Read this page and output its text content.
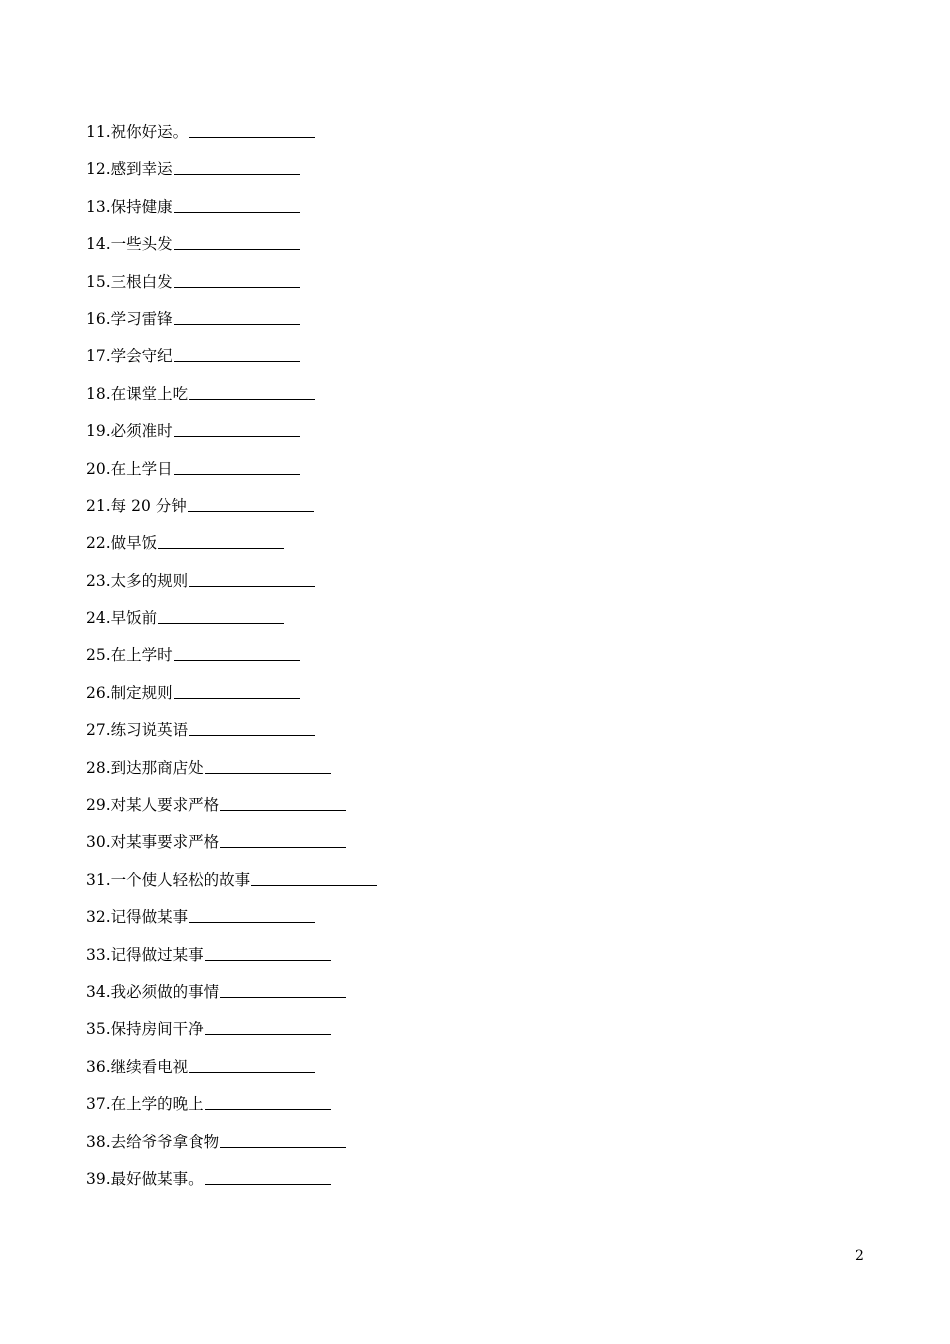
11.祝你好运。
12.感到幸运
13.保持健康
14.一些头发
15.三根白发
16.学习雷锋
17.学会守纪
18.在课堂上吃
19.必须准时
20.在上学日
21.每 20 分钟
22.做早饭
23.太多的规则
24.早饭前
25.在上学时
26.制定规则
27.练习说英语
28.到达那商店处
29.对某人要求严格
30.对某事要求严格
31.一个使人轻松的故事
32.记得做某事
33.记得做过某事
34.我必须做的事情
35.保持房间干净
36.继续看电视
37.在上学的晚上
38.去给爷爷拿食物
39.最好做某事。
2
